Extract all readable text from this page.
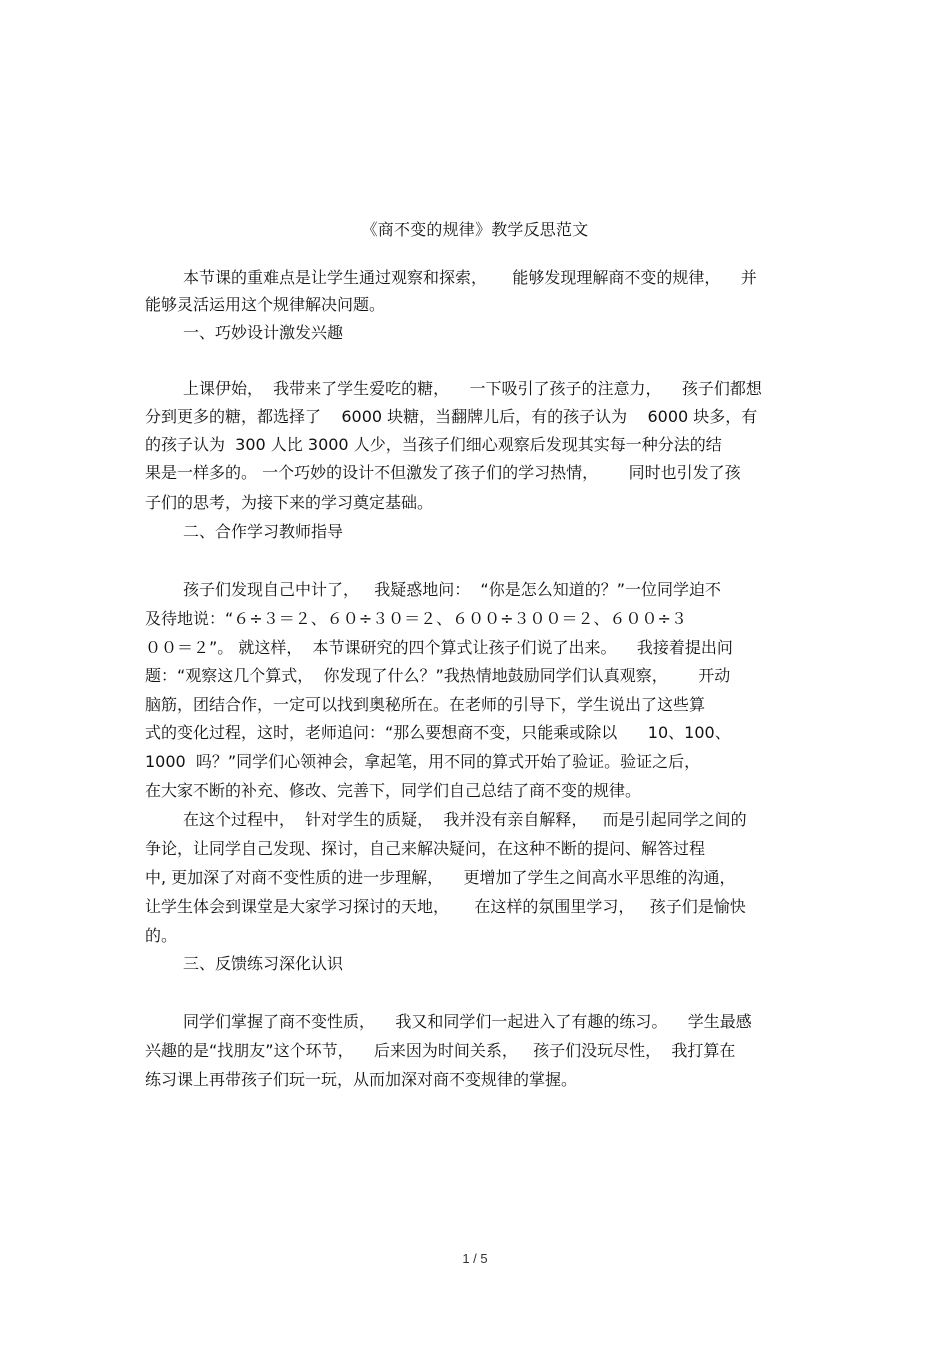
《商不变的规律》教学反思范文
本节课的重难点是让学生通过观察和探索，     能够发现理解商不变的规律，    并
能够灵活运用这个规律解决问题。
一、巧妙设计激发兴趣
上课伊始，  我带来了学生爱吃的糖，    一下吸引了孩子的注意力，    孩子们都想
分到更多的糖，都选择了    6000 块糖，当翻牌儿后，有的孩子认为    6000 块多，有
的孩子认为  300 人比 3000 人少，当孩子们细心观察后发现其实每一种分法的结
果是一样多的。 一个巧妙的设计不但激发了孩子们的学习热情，      同时也引发了孩
子们的思考，为接下来的学习奠定基础。
二、合作学习教师指导
孩子们发现自己中计了，   我疑惑地问：  “你是怎么知道的？”一位同学迫不
及待地说：“６÷３＝２、６０÷３０＝２、６００÷３００＝２、６００÷３
００＝２”。 就这样，  本节课研究的四个算式让孩子们说了出来。    我接着提出问
题：“观察这几个算式，  你发现了什么？”我热情地鼓励同学们认真观察，      开动
脑筋，团结合作，一定可以找到奥秘所在。在老师的引导下，学生说出了这些算
式的变化过程，这时，老师追问：“那么要想商不变，只能乘或除以      10、100、
1000  吗？”同学们心领神会，拿起笔，用不同的算式开始了验证。验证之后，
在大家不断的补充、修改、完善下，同学们自己总结了商不变的规律。
在这个过程中，  针对学生的质疑，  我并没有亲自解释，   而是引起同学之间的
争论，让同学自己发现、探讨，自己来解决疑问，在这种不断的提问、解答过程
中, 更加深了对商不变性质的进一步理解，    更增加了学生之间高水平思维的沟通，
让学生体会到课堂是大家学习探讨的天地，     在这样的氛围里学习，   孩子们是愉快
的。
三、反馈练习深化认识
同学们掌握了商不变性质，    我又和同学们一起进入了有趣的练习。    学生最感
兴趣的是“找朋友”这个环节，    后来因为时间关系，   孩子们没玩尽性，  我打算在
练习课上再带孩子们玩一玩，从而加深对商不变规律的掌握。
1 / 5
